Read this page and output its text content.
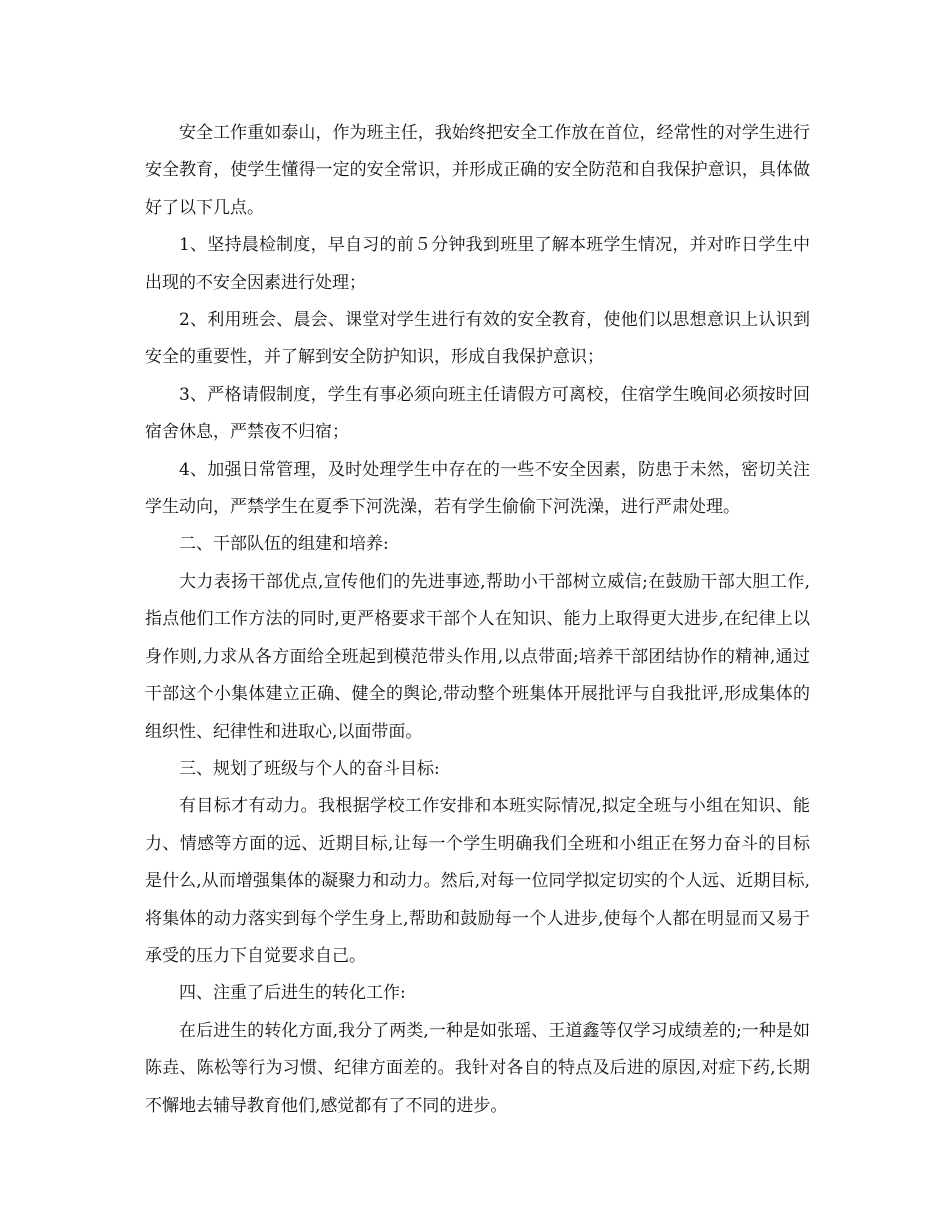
安全工作重如泰山，作为班主任，我始终把安全工作放在首位，经常性的对学生进行安全教育，使学生懂得一定的安全常识，并形成正确的安全防范和自我保护意识，具体做好了以下几点。

1、坚持晨检制度，早自习的前５分钟我到班里了解本班学生情况，并对昨日学生中出现的不安全因素进行处理；

2、利用班会、晨会、课堂对学生进行有效的安全教育，使他们以思想意识上认识到安全的重要性，并了解到安全防护知识，形成自我保护意识；

3、严格请假制度，学生有事必须向班主任请假方可离校，住宿学生晚间必须按时回宿舍休息，严禁夜不归宿；

4、加强日常管理，及时处理学生中存在的一些不安全因素，防患于未然，密切关注学生动向，严禁学生在夏季下河洗澡，若有学生偷偷下河洗澡，进行严肃处理。

二、干部队伍的组建和培养:

大力表扬干部优点,宣传他们的先进事迹,帮助小干部树立威信;在鼓励干部大胆工作,指点他们工作方法的同时,更严格要求干部个人在知识、能力上取得更大进步,在纪律上以身作则,力求从各方面给全班起到模范带头作用,以点带面;培养干部团结协作的精神,通过干部这个小集体建立正确、健全的舆论,带动整个班集体开展批评与自我批评,形成集体的组织性、纪律性和进取心,以面带面。

三、规划了班级与个人的奋斗目标:

有目标才有动力。我根据学校工作安排和本班实际情况,拟定全班与小组在知识、能力、情感等方面的远、近期目标,让每一个学生明确我们全班和小组正在努力奋斗的目标是什么,从而增强集体的凝聚力和动力。然后,对每一位同学拟定切实的个人远、近期目标,将集体的动力落实到每个学生身上,帮助和鼓励每一个人进步,使每个人都在明显而又易于承受的压力下自觉要求自己。

四、注重了后进生的转化工作:

在后进生的转化方面,我分了两类,一种是如张瑶、王道鑫等仅学习成绩差的;一种是如陈垚、陈松等行为习惯、纪律方面差的。我针对各自的特点及后进的原因,对症下药,长期不懈地去辅导教育他们,感觉都有了不同的进步。
